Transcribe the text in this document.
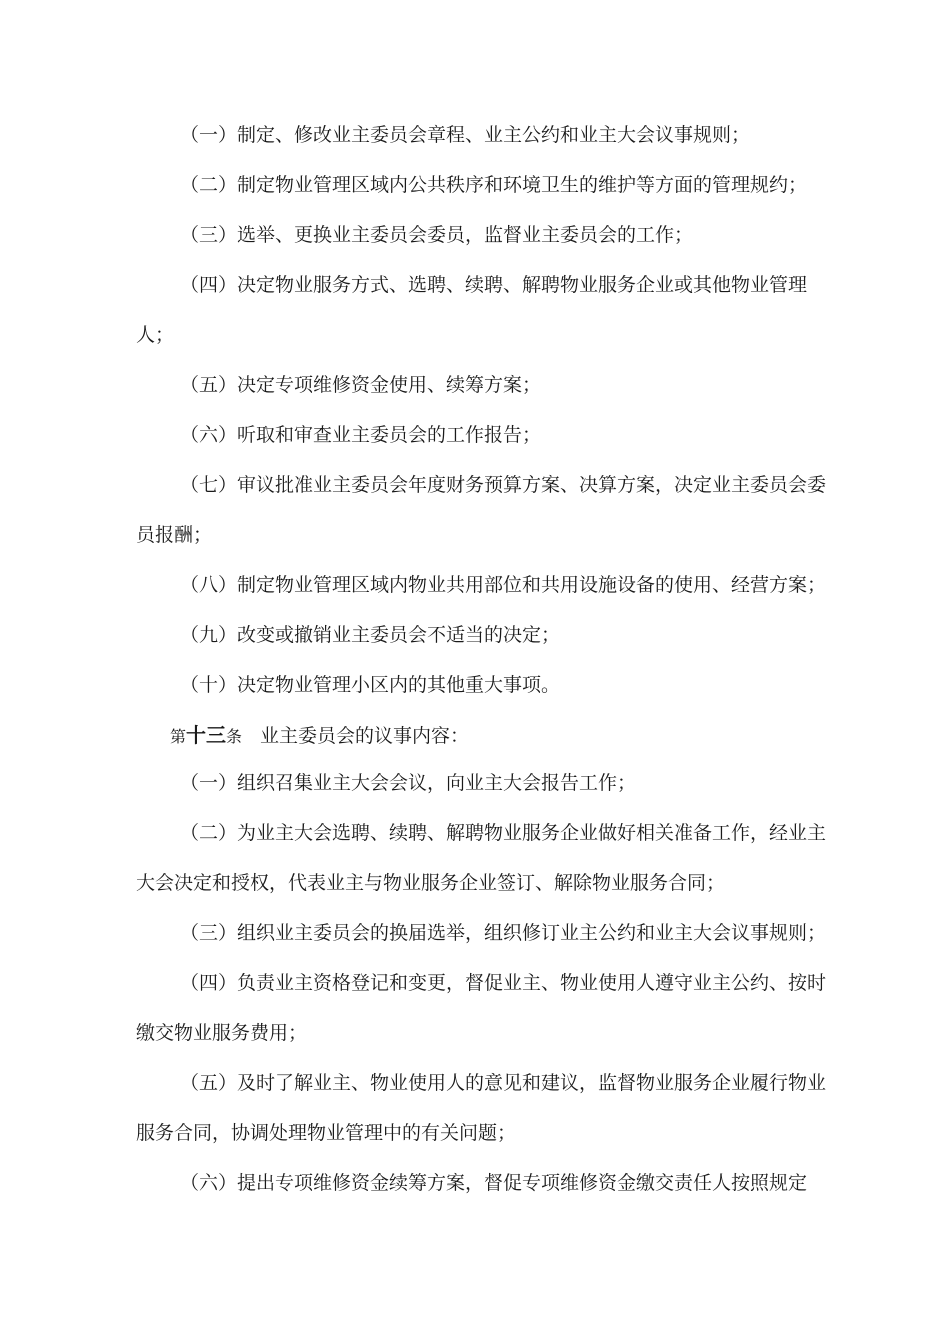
（一）制定、修改业主委员会章程、业主公约和业主大会议事规则；
（二）制定物业管理区域内公共秩序和环境卫生的维护等方面的管理规约；
（三）选举、更换业主委员会委员，监督业主委员会的工作；
（四）决定物业服务方式、选聘、续聘、解聘物业服务企业或其他物业管理人；
（五）决定专项维修资金使用、续筹方案；
（六）听取和审查业主委员会的工作报告；
（七）审议批准业主委员会年度财务预算方案、决算方案，决定业主委员会委员报酬；
（八）制定物业管理区域内物业共用部位和共用设施设备的使用、经营方案；
（九）改变或撤销业主委员会不适当的决定；
（十）决定物业管理小区内的其他重大事项。
第十三条 业主委员会的议事内容：
（一）组织召集业主大会会议，向业主大会报告工作；
（二）为业主大会选聘、续聘、解聘物业服务企业做好相关准备工作，经业主大会决定和授权，代表业主与物业服务企业签订、解除物业服务合同；
（三）组织业主委员会的换届选举，组织修订业主公约和业主大会议事规则；
（四）负责业主资格登记和变更，督促业主、物业使用人遵守业主公约、按时缴交物业服务费用；
（五）及时了解业主、物业使用人的意见和建议，监督物业服务企业履行物业服务合同，协调处理物业管理中的有关问题；
（六）提出专项维修资金续筹方案，督促专项维修资金缴交责任人按照规定
